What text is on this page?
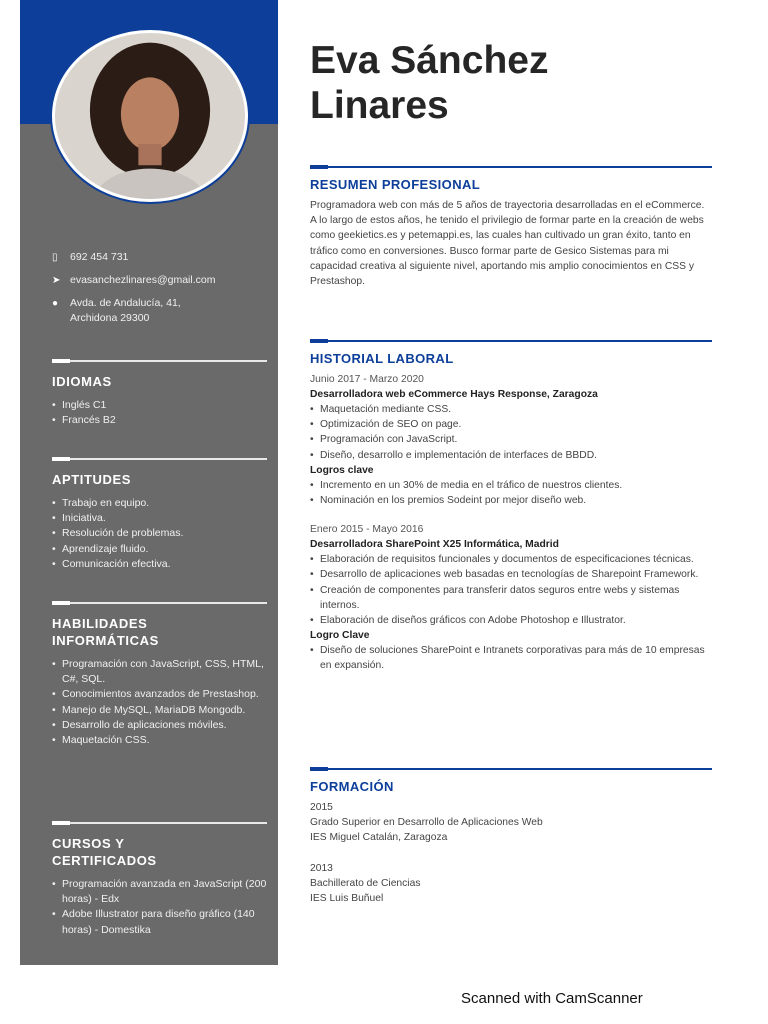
▯	692 454 731
➤ evasanchezlinares@gmail.com
●	Avda. de Andalucía, 41,
Archidona 29300
IDIOMAS
• Inglés C1
• Francés B2
APTITUDES
• Trabajo en equipo.
• Iniciativa.
• Resolución de problemas.
• Aprendizaje fluido.
• Comunicación efectiva.
HABILIDADES
INFORMÁTICAS
• Programación con JavaScript, CSS, HTML, C#, SQL.
• Conocimientos avanzados de Prestashop.
• Manejo de MySQL, MariaDB Mongodb.
• Desarrollo de aplicaciones móviles.
• Maquetación CSS.
CURSOS Y
CERTIFICADOS
• Programación avanzada en JavaScript (200 horas) - Edx
• Adobe Illustrator para diseño gráfico (140 horas) - Domestika
Eva Sánchez
Linares
RESUMEN PROFESIONAL
Programadora web con más de 5 años de trayectoria desarrolladas en el eCommerce. A lo largo de estos años, he tenido el privilegio de formar parte en la creación de webs como geekietics.es y petemappi.es, las cuales han cultivado un gran éxito, tanto en tráfico como en conversiones. Busco formar parte de Gesico Sistemas para mi capacidad creativa al siguiente nivel, aportando mis amplio conocimientos en CSS y Prestashop.
HISTORIAL LABORAL
Junio 2017 - Marzo 2020
Desarrolladora web eCommerce Hays Response, Zaragoza
• Maquetación mediante CSS.
• Optimización de SEO on page.
• Programación con JavaScript.
• Diseño, desarrollo e implementación de interfaces de BBDD.
Logros clave
• Incremento en un 30% de media en el tráfico de nuestros clientes.
• Nominación en los premios Sodeint por mejor diseño web.
Enero 2015 - Mayo 2016
Desarrolladora SharePoint X25 Informática, Madrid
• Elaboración de requisitos funcionales y documentos de especificaciones técnicas.
• Desarrollo de aplicaciones web basadas en tecnologías de Sharepoint Framework.
• Creación de componentes para transferir datos seguros entre webs y sistemas internos.
• Elaboración de diseños gráficos con Adobe Photoshop e Illustrator.
Logro Clave
• Diseño de soluciones SharePoint e Intranets corporativas para más de 10 empresas en expansión.
FORMACIÓN
2015
Grado Superior en Desarrollo de Aplicaciones Web
IES Miguel Catalán, Zaragoza
2013
Bachillerato de Ciencias
IES Luis Buñuel
Scanned with CamScanner
